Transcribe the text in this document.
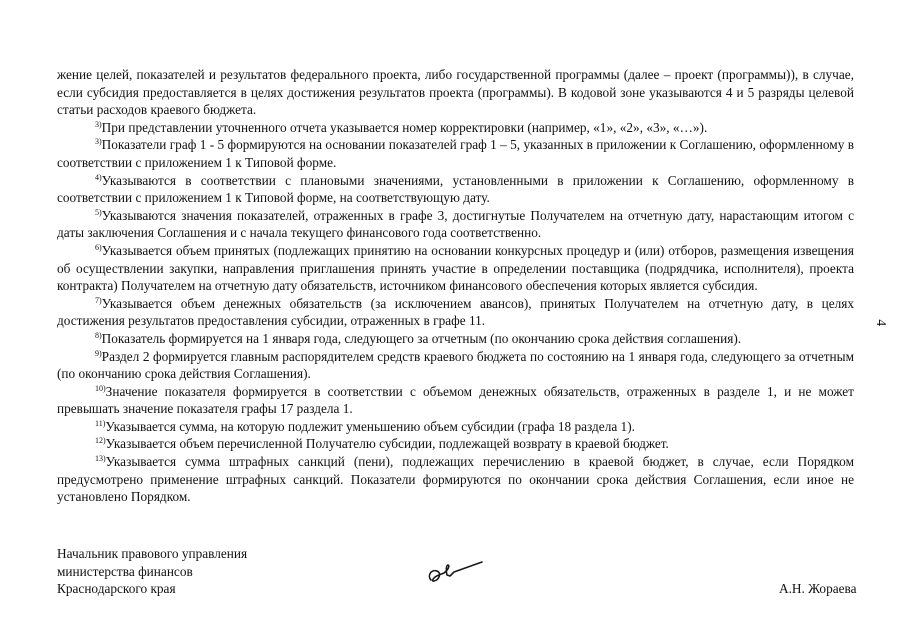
жение целей, показателей и результатов федерального проекта, либо государственной программы (далее – проект (программы)), в случае, если субсидия предоставляется в целях достижения результатов проекта (программы). В кодовой зоне указываются 4 и 5 разряды целевой статьи расходов краевого бюджета.

$^{3)}$При представлении уточненного отчета указывается номер корректировки (например, «1», «2», «3», «…»).

$^{3)}$Показатели граф 1 - 5 формируются на основании показателей граф 1 – 5, указанных в приложении к Соглашению, оформленному в соответствии с приложением 1 к Типовой форме.

$^{4)}$Указываются в соответствии с плановыми значениями, установленными в приложении к Соглашению, оформленному в соответствии с приложением 1 к Типовой форме, на соответствующую дату.

$^{5)}$Указываются значения показателей, отраженных в графе 3, достигнутые Получателем на отчетную дату, нарастающим итогом с даты заключения Соглашения и с начала текущего финансового года соответственно.

$^{6)}$Указывается объем принятых (подлежащих принятию на основании конкурсных процедур и (или) отборов, размещения извещения об осуществлении закупки, направления приглашения принять участие в определении поставщика (подрядчика, исполнителя), проекта контракта) Получателем на отчетную дату обязательств, источником финансового обеспечения которых является субсидия.

$^{7)}$Указывается объем денежных обязательств (за исключением авансов), принятых Получателем на отчетную дату, в целях достижения результатов предоставления субсидии, отраженных в графе 11.

$^{8)}$Показатель формируется на 1 января года, следующего за отчетным (по окончанию срока действия соглашения).

$^{9)}$Раздел 2 формируется главным распорядителем средств краевого бюджета по состоянию на 1 января года, следующего за отчетным (по окончанию срока действия Соглашения).

$^{10)}$Значение показателя формируется в соответствии с объемом денежных обязательств, отраженных в разделе 1, и не может превышать значение показателя графы 17 раздела 1.

$^{11)}$Указывается сумма, на которую подлежит уменьшению объем субсидии (графа 18 раздела 1).

$^{12)}$Указывается объем перечисленной Получателю субсидии, подлежащей возврату в краевой бюджет.

$^{13)}$Указывается сумма штрафных санкций (пени), подлежащих перечислению в краевой бюджет, в случае, если Порядком предусмотрено применение штрафных санкций. Показатели формируются по окончании срока действия Соглашения, если иное не установлено Порядком.

4
Начальник правового управления
министерства финансов
Краснодарского края	А.Н. Жораева
